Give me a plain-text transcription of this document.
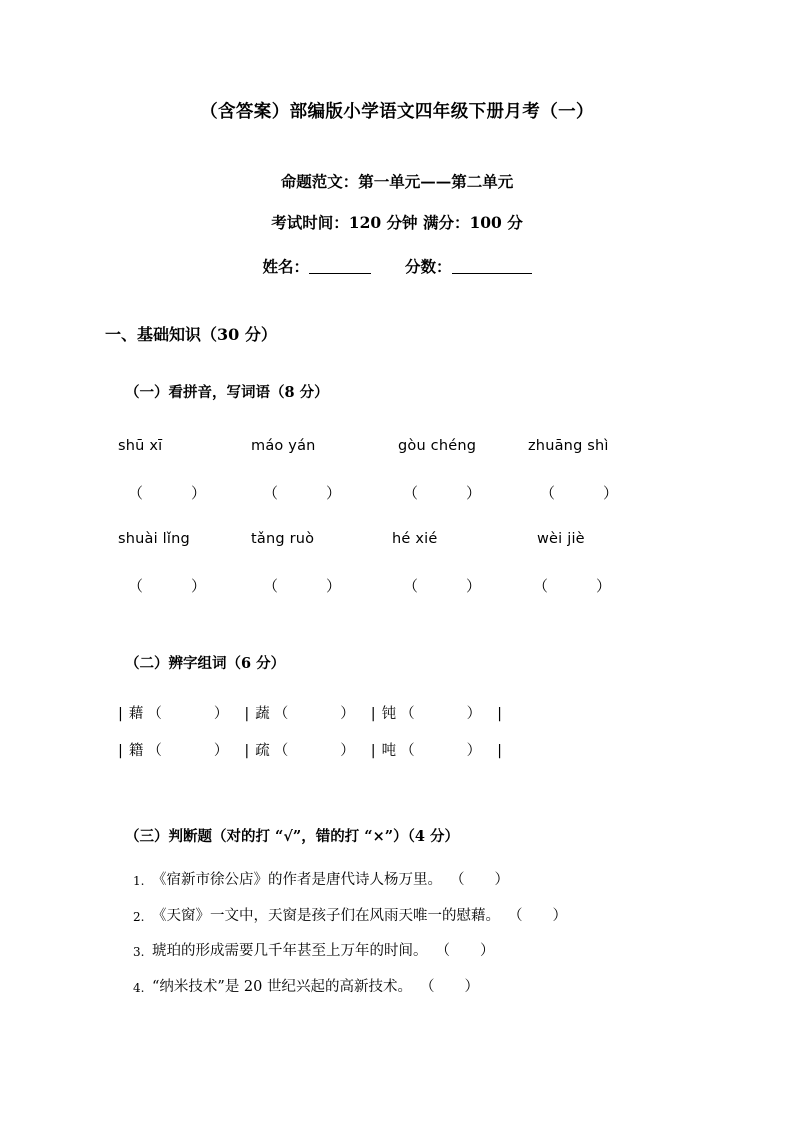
（含答案）部编版小学语文四年级下册月考（一）
命题范文：第一单元——第二单元
考试时间：120 分钟 满分：100 分
姓名：	分数：
一、基础知识（30 分）
（一）看拼音，写词语（8 分）
shū xī	máo yán	gòu chéng	zhuāng shì
（	）	（	）	（	）	（	）
shuài lǐng	tǎng ruò	hé xié	wèi jiè
（	）	（	）	（	）	（	）
（二）辨字组词（6 分）
| 藉 （	） | 蔬 （	） | 钝 （	） |
| 籍 （	） | 疏 （	） | 吨 （	） |
（三）判断题（对的打 “√”，错的打 “×”）（4 分）
1. 《宿新市徐公店》的作者是唐代诗人杨万里。 （ ）
2. 《天窗》一文中，天窗是孩子们在风雨天唯一的慰藉。 （ ）
3. 琥珀的形成需要几千年甚至上万年的时间。 （ ）
4. “纳米技术”是 20 世纪兴起的高新技术。 （ ）
